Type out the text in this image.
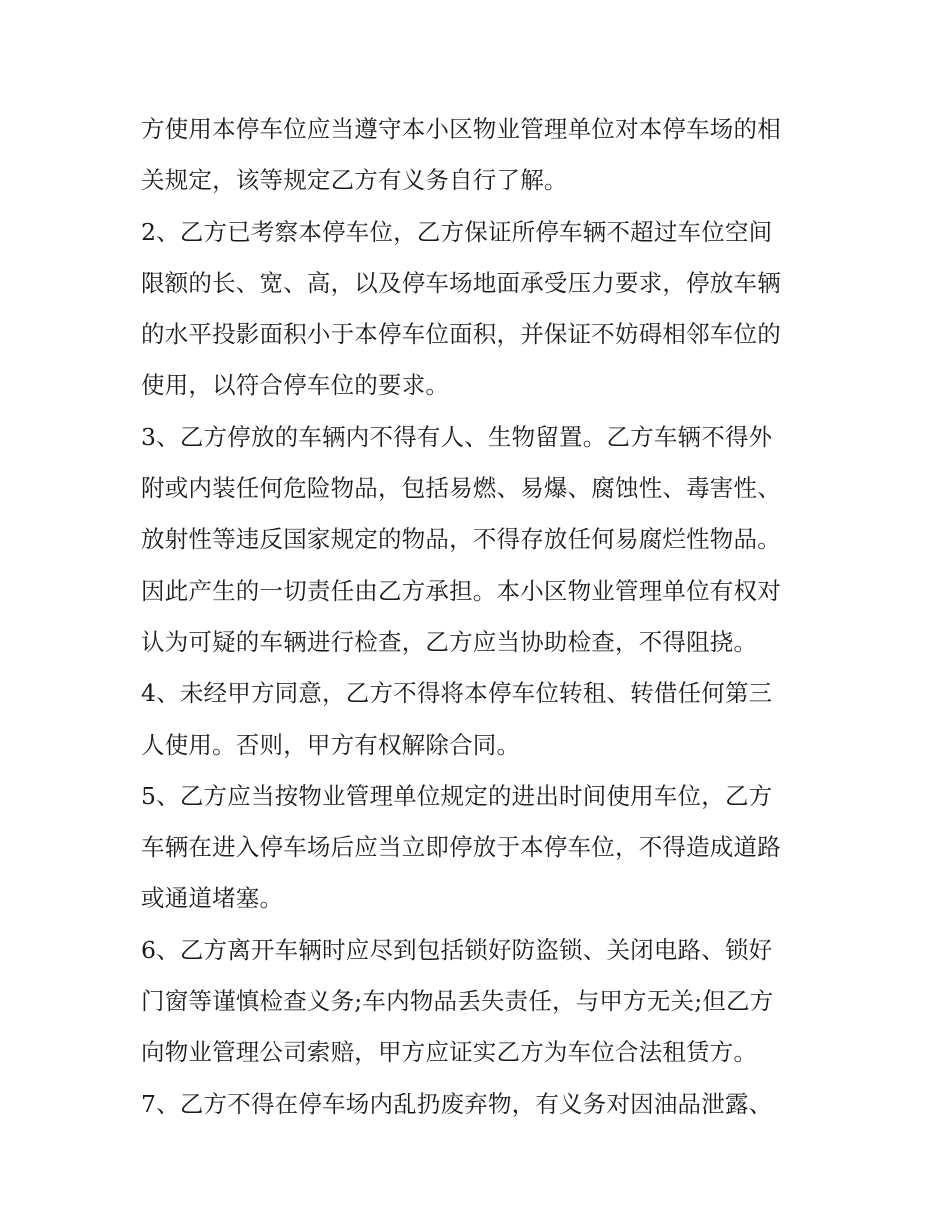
方使用本停车位应当遵守本小区物业管理单位对本停车场的相
关规定，该等规定乙方有义务自行了解。
2、乙方已考察本停车位，乙方保证所停车辆不超过车位空间
限额的长、宽、高，以及停车场地面承受压力要求，停放车辆
的水平投影面积小于本停车位面积，并保证不妨碍相邻车位的
使用，以符合停车位的要求。
3、乙方停放的车辆内不得有人、生物留置。乙方车辆不得外
附或内装任何危险物品，包括易燃、易爆、腐蚀性、毒害性、
放射性等违反国家规定的物品，不得存放任何易腐烂性物品。
因此产生的一切责任由乙方承担。本小区物业管理单位有权对
认为可疑的车辆进行检查，乙方应当协助检查，不得阻挠。
4、未经甲方同意，乙方不得将本停车位转租、转借任何第三
人使用。否则，甲方有权解除合同。
5、乙方应当按物业管理单位规定的进出时间使用车位，乙方
车辆在进入停车场后应当立即停放于本停车位，不得造成道路
或通道堵塞。
6、乙方离开车辆时应尽到包括锁好防盗锁、关闭电路、锁好
门窗等谨慎检查义务;车内物品丢失责任，与甲方无关;但乙方
向物业管理公司索赔，甲方应证实乙方为车位合法租赁方。
7、乙方不得在停车场内乱扔废弃物，有义务对因油品泄露、
